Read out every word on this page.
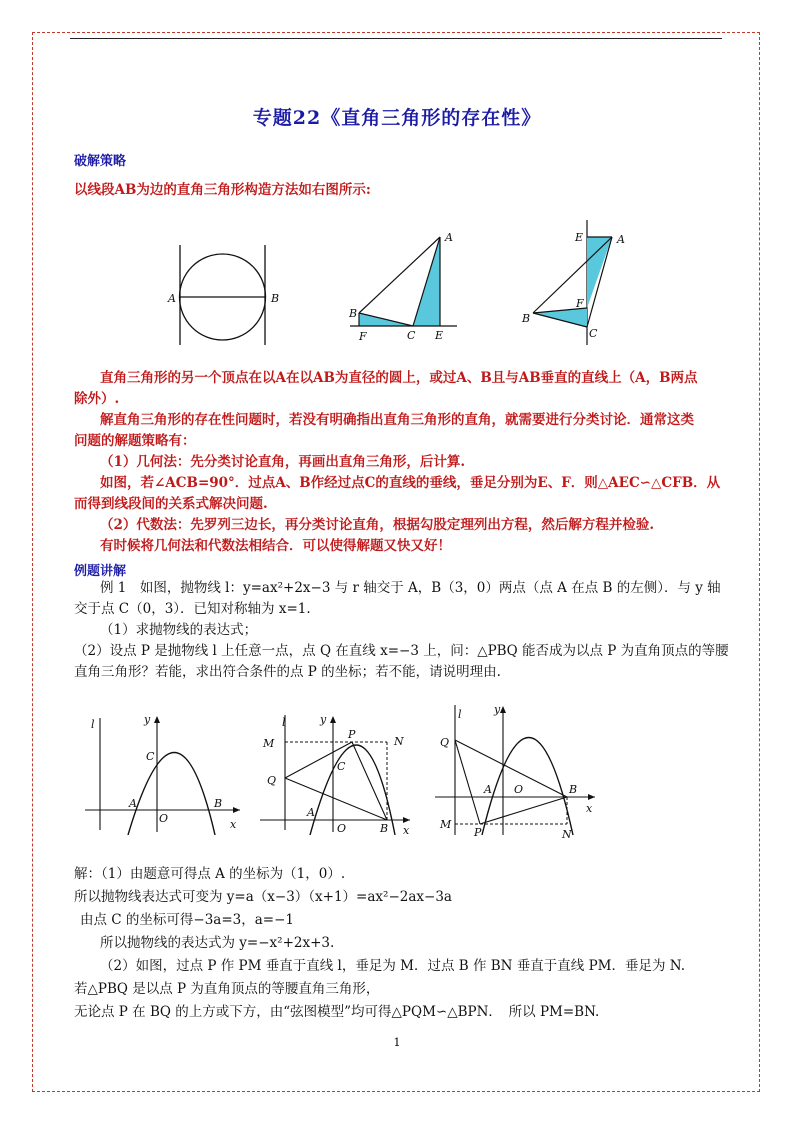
专题22《直角三角形的存在性》
破解策略
以线段AB为边的直角三角形构造方法如右图所示:
A	B
A
B
F	C E
E	A
F
B
C
直角三角形的另一个顶点在以A在以AB为直径的圆上，或过A、B且与AB垂直的直线上（A，B两点
除外）.
解直角三角形的存在性问题时，若没有明确指出直角三角形的直角，就需要进行分类讨论．通常这类
问题的解题策略有：
（1）几何法：先分类讨论直角，再画出直角三角形，后计算.
如图，若∠ACB=90°．过点A、B作经过点C的直线的垂线，垂足分别为E、F．则△AEC∽△CFB．从
而得到线段间的关系式解决问题.
（2）代数法：先罗列三边长，再分类讨论直角，根据勾股定理列出方程，然后解方程并检验.
有时候将几何法和代数法相结合．可以使得解题又快又好！
例题讲解
例 1　如图，抛物线 l：y=ax²+2x−3 与 r 轴交于 A，B（3，0）两点（点 A 在点 B 的左侧）．与 y 轴
交于点 C（0，3）．已知对称轴为 x=1.
（1）求抛物线的表达式；
（2）设点 P 是抛物线 l 上任意一点，点 Q 在直线 x=−3 上，问：△PBQ 能否成为以点 P 为直角顶点的等腰
直角三角形？若能，求出符合条件的点 P 的坐标；若不能，请说明理由.
l	y
C
A
O
B
x
l	y
M
P
N
C
Q
A
O	B x
l	y
Q
A O	B
M
P	N
x
解：（1）由题意可得点 A 的坐标为（1，0）.
所以抛物线表达式可变为 y=a（x−3）（x+1）=ax²−2ax−3a
由点 C 的坐标可得−3a=3，a=−1
所以抛物线的表达式为 y=−x²+2x+3.
（2）如图，过点 P 作 PM 垂直于直线 l，垂足为 M．过点 B 作 BN 垂直于直线 PM．垂足为 N.
若△PBQ 是以点 P 为直角顶点的等腰直角三角形，
无论点 P 在 BQ 的上方或下方，由“弦图模型”均可得△PQM∽△BPN．　所以 PM=BN.
1
